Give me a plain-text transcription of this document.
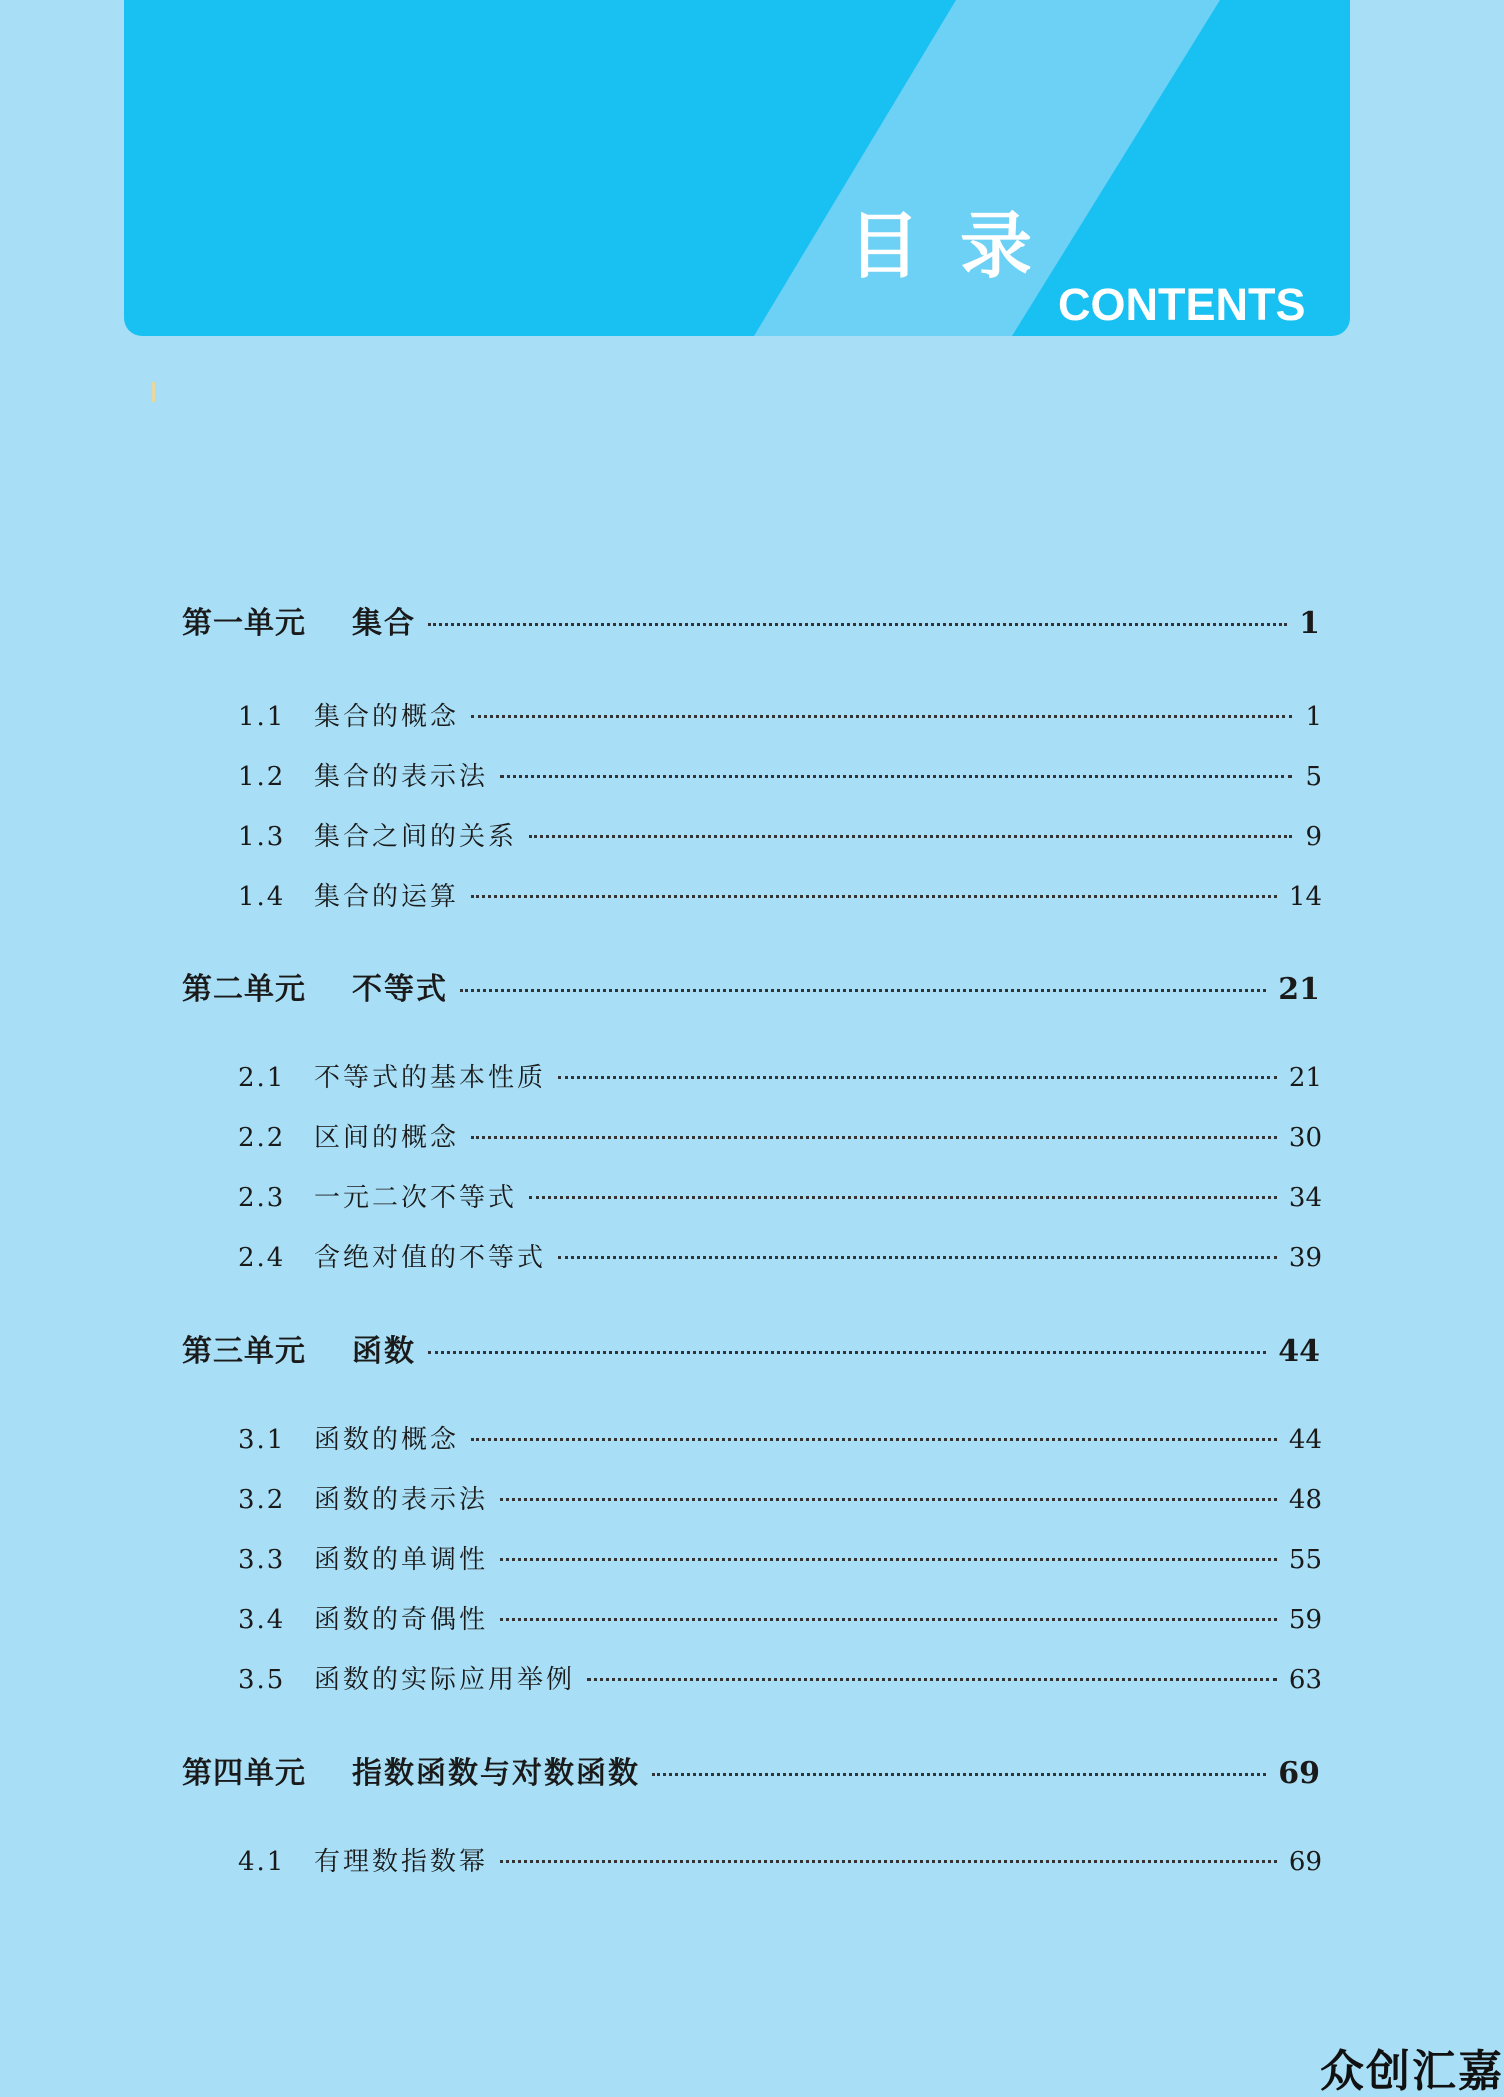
目录
CONTENTS
第一单元	集合	1
1.1	集合的概念	1
1.2	集合的表示法	5
1.3	集合之间的关系	9
1.4	集合的运算	14
第二单元	不等式	21
2.1	不等式的基本性质	21
2.2	区间的概念	30
2.3	一元二次不等式	34
2.4	含绝对值的不等式	39
第三单元	函数	44
3.1	函数的概念	44
3.2	函数的表示法	48
3.3	函数的单调性	55
3.4	函数的奇偶性	59
3.5	函数的实际应用举例	63
第四单元	指数函数与对数函数	69
4.1	有理数指数幂	69
众创汇嘉
